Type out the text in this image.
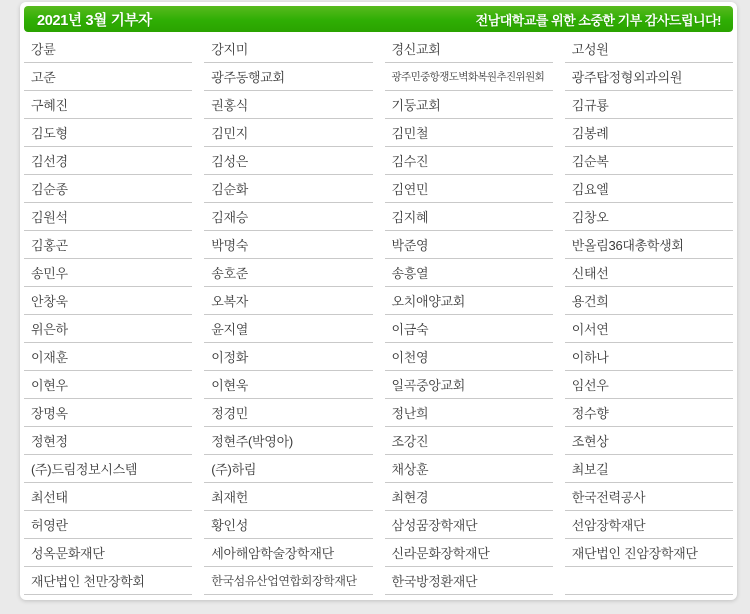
2021년 3월 기부자	전남대학교를 위한 소중한 기부 감사드립니다!
강륜	강지미	경신교회	고성원
고준	광주동행교회	광주민중항쟁도벽화복원추진위원회	광주탑정형외과의원
구혜진	권홍식	기둥교회	김규룡
김도형	김민지	김민철	김봉례
김선경	김성은	김수진	김순복
김순종	김순화	김연민	김요엘
김원석	김재승	김지혜	김창오
김홍곤	박명숙	박준영	반올림36대총학생회
송민우	송호준	송흥열	신태선
안창욱	오복자	오치애양교회	용건희
위은하	윤지열	이금숙	이서연
이재훈	이정화	이천영	이하나
이현우	이현욱	일곡중앙교회	임선우
장명옥	정경민	정난희	정수향
정현정	정현주(박영아)	조강진	조현상
(주)드림정보시스템	(주)하림	채상훈	최보길
최선태	최재헌	최현경	한국전력공사
허영란	황인성	삼성꿈장학재단	선암장학재단
성옥문화재단	세아해암학술장학재단	신라문화장학재단	재단법인 진암장학재단
재단법인 천만장학회	한국섬유산업연합회장학재단	한국방정환재단
